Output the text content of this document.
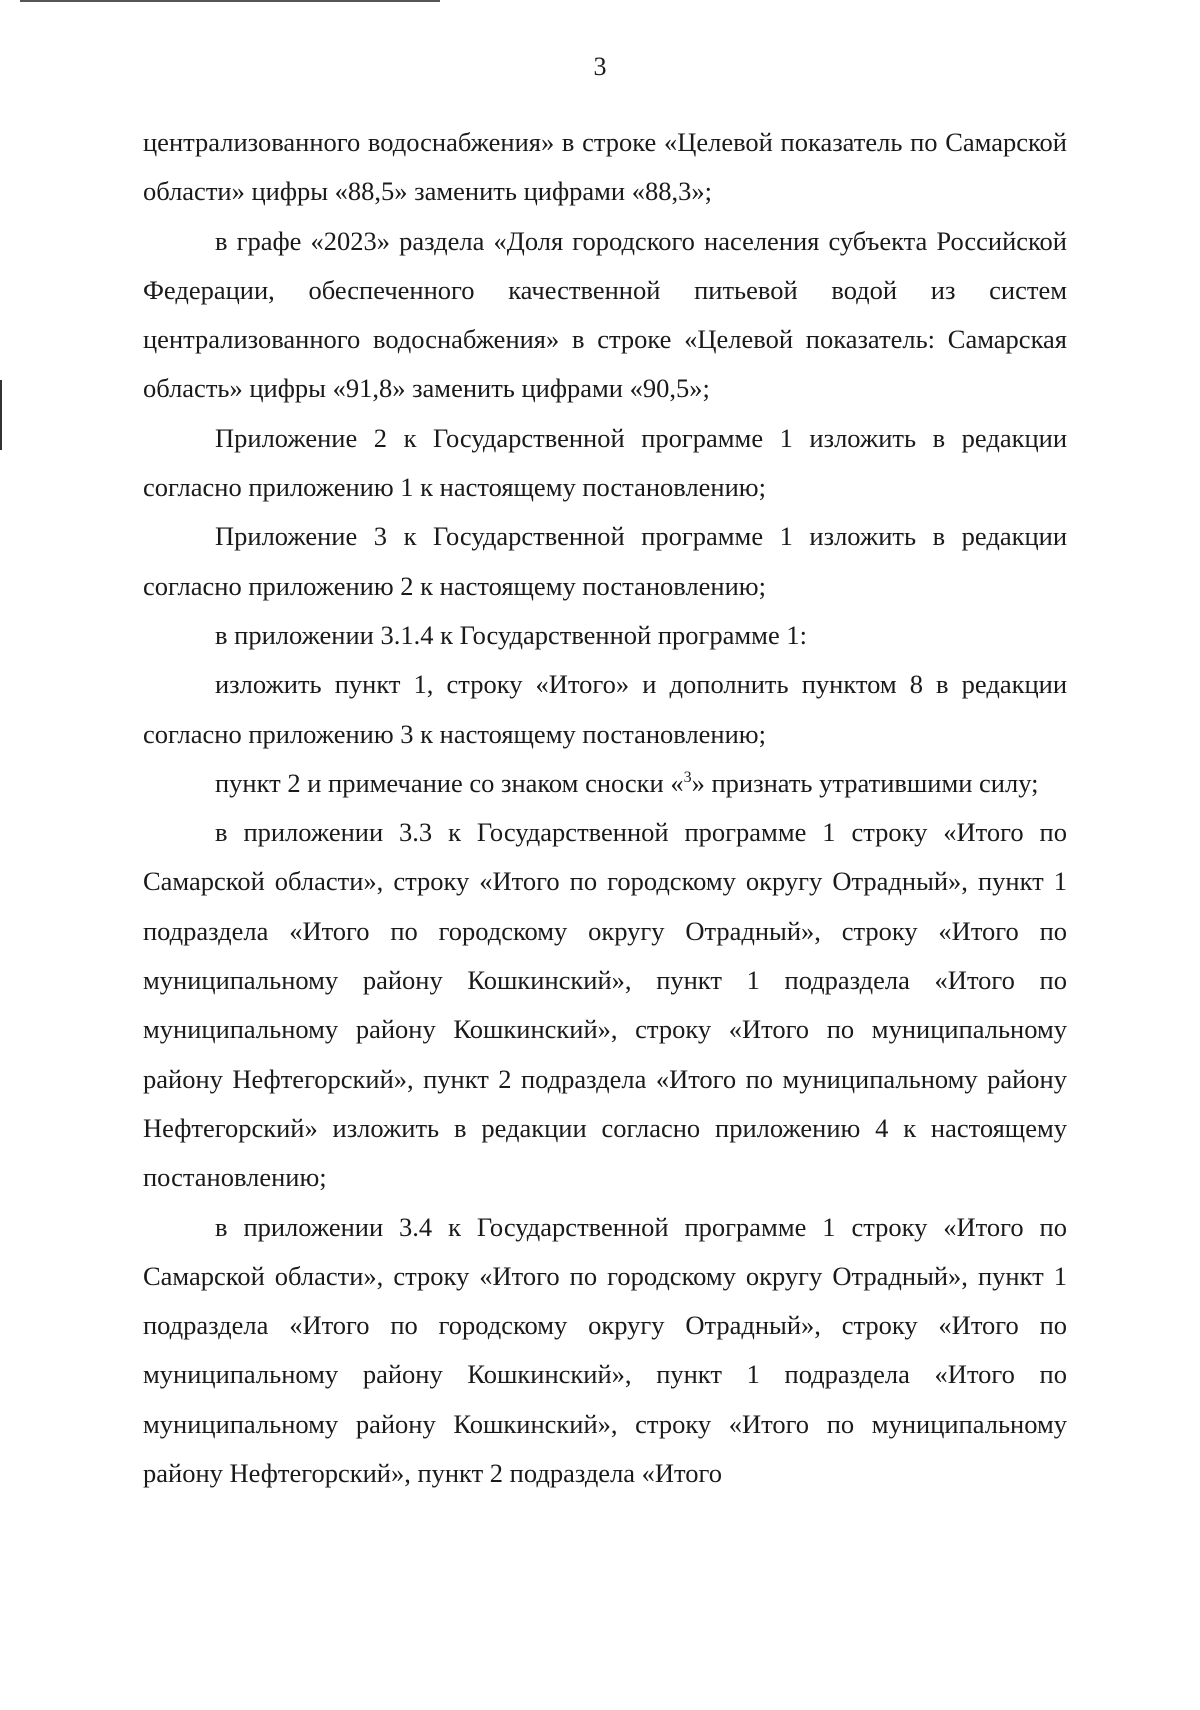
3

централизованного водоснабжения» в строке «Целевой показатель по Самарской области» цифры «88,5» заменить цифрами «88,3»;

в графе «2023» раздела «Доля городского населения субъекта Российской Федерации, обеспеченного качественной питьевой водой из систем централизованного водоснабжения» в строке «Целевой показатель: Самарская область» цифры «91,8» заменить цифрами «90,5»;

Приложение 2 к Государственной программе 1 изложить в редакции согласно приложению 1 к настоящему постановлению;

Приложение 3 к Государственной программе 1 изложить в редакции согласно приложению 2 к настоящему постановлению;

в приложении 3.1.4 к Государственной программе 1:

изложить пункт 1, строку «Итого» и дополнить пунктом 8 в редакции согласно приложению 3 к настоящему постановлению;

пункт 2 и примечание со знаком сноски «$^3$» признать утратившими силу;

в приложении 3.3 к Государственной программе 1 строку «Итого по Самарской области», строку «Итого по городскому округу Отрадный», пункт 1 подраздела «Итого по городскому округу Отрадный», строку «Итого по муниципальному району Кошкинский», пункт 1 подраздела «Итого по муниципальному району Кошкинский», строку «Итого по муниципальному району Нефтегорский», пункт 2 подраздела «Итого по муниципальному району Нефтегорский» изложить в редакции согласно приложению 4 к настоящему постановлению;

в приложении 3.4 к Государственной программе 1 строку «Итого по Самарской области», строку «Итого по городскому округу Отрадный», пункт 1 подраздела «Итого по городскому округу Отрадный», строку «Итого по муниципальному району Кошкинский», пункт 1 подраздела «Итого по муниципальному району Кошкинский», строку «Итого по муниципальному району Нефтегорский», пункт 2 подраздела «Итого
